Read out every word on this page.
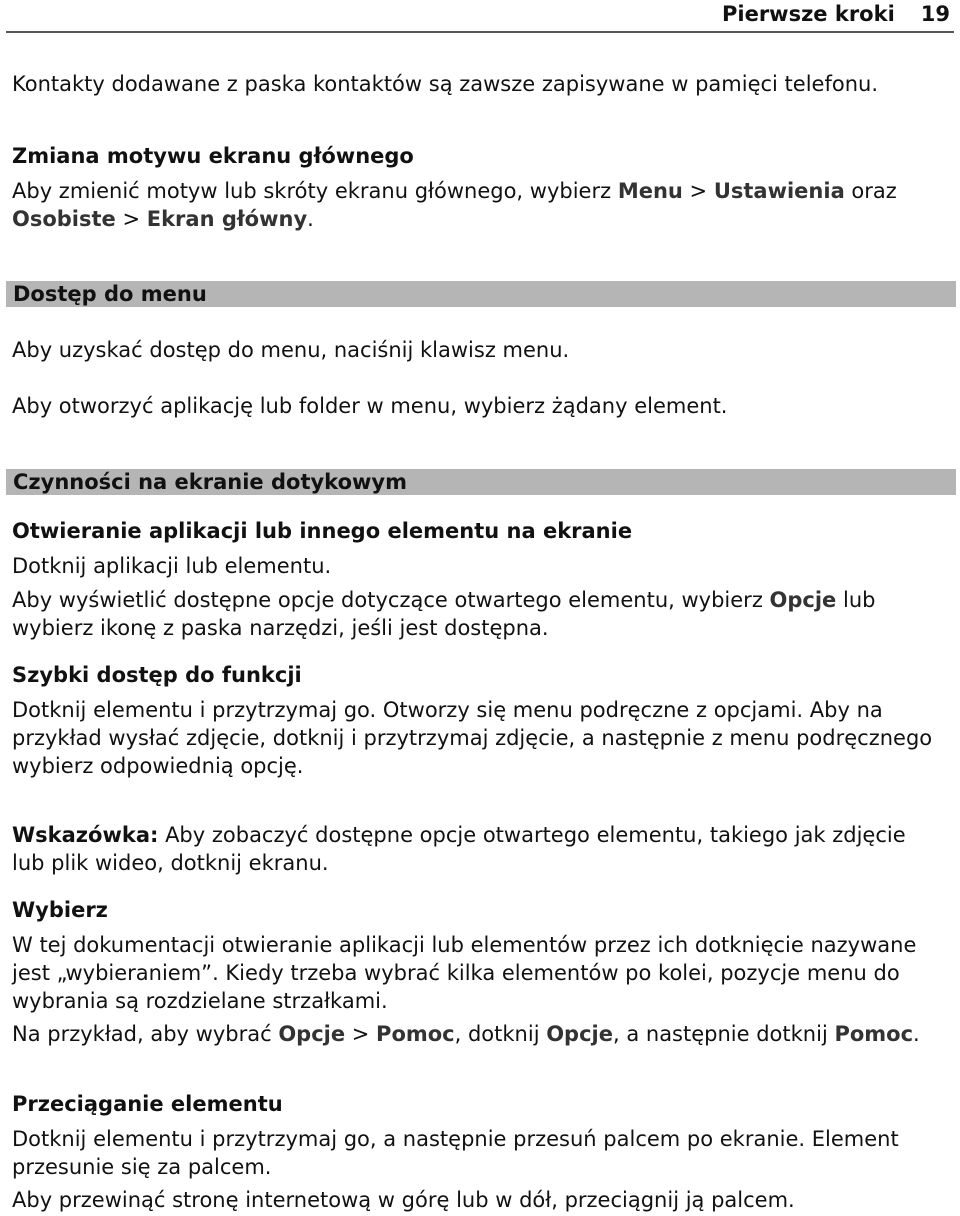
Pierwsze kroki 19

Kontakty dodawane z paska kontaktów są zawsze zapisywane w pamięci telefonu.

Zmiana motywu ekranu głównego

Aby zmienić motyw lub skróty ekranu głównego, wybierz Menu > Ustawienia oraz
Osobiste > Ekran główny.

Dostęp do menu

Aby uzyskać dostęp do menu, naciśnij klawisz menu.

Aby otworzyć aplikację lub folder w menu, wybierz żądany element.

Czynności na ekranie dotykowym

Otwieranie aplikacji lub innego elementu na ekranie

Dotknij aplikacji lub elementu.

Aby wyświetlić dostępne opcje dotyczące otwartego elementu, wybierz Opcje lub
wybierz ikonę z paska narzędzi, jeśli jest dostępna.

Szybki dostęp do funkcji

Dotknij elementu i przytrzymaj go. Otworzy się menu podręczne z opcjami. Aby na
przykład wysłać zdjęcie, dotknij i przytrzymaj zdjęcie, a następnie z menu podręcznego
wybierz odpowiednią opcję.

Wskazówka: Aby zobaczyć dostępne opcje otwartego elementu, takiego jak zdjęcie
lub plik wideo, dotknij ekranu.

Wybierz

W tej dokumentacji otwieranie aplikacji lub elementów przez ich dotknięcie nazywane
jest „wybieraniem”. Kiedy trzeba wybrać kilka elementów po kolei, pozycje menu do
wybrania są rozdzielane strzałkami.

Na przykład, aby wybrać Opcje > Pomoc, dotknij Opcje, a następnie dotknij Pomoc.

Przeciąganie elementu

Dotknij elementu i przytrzymaj go, a następnie przesuń palcem po ekranie. Element
przesunie się za palcem.

Aby przewinąć stronę internetową w górę lub w dół, przeciągnij ją palcem.
